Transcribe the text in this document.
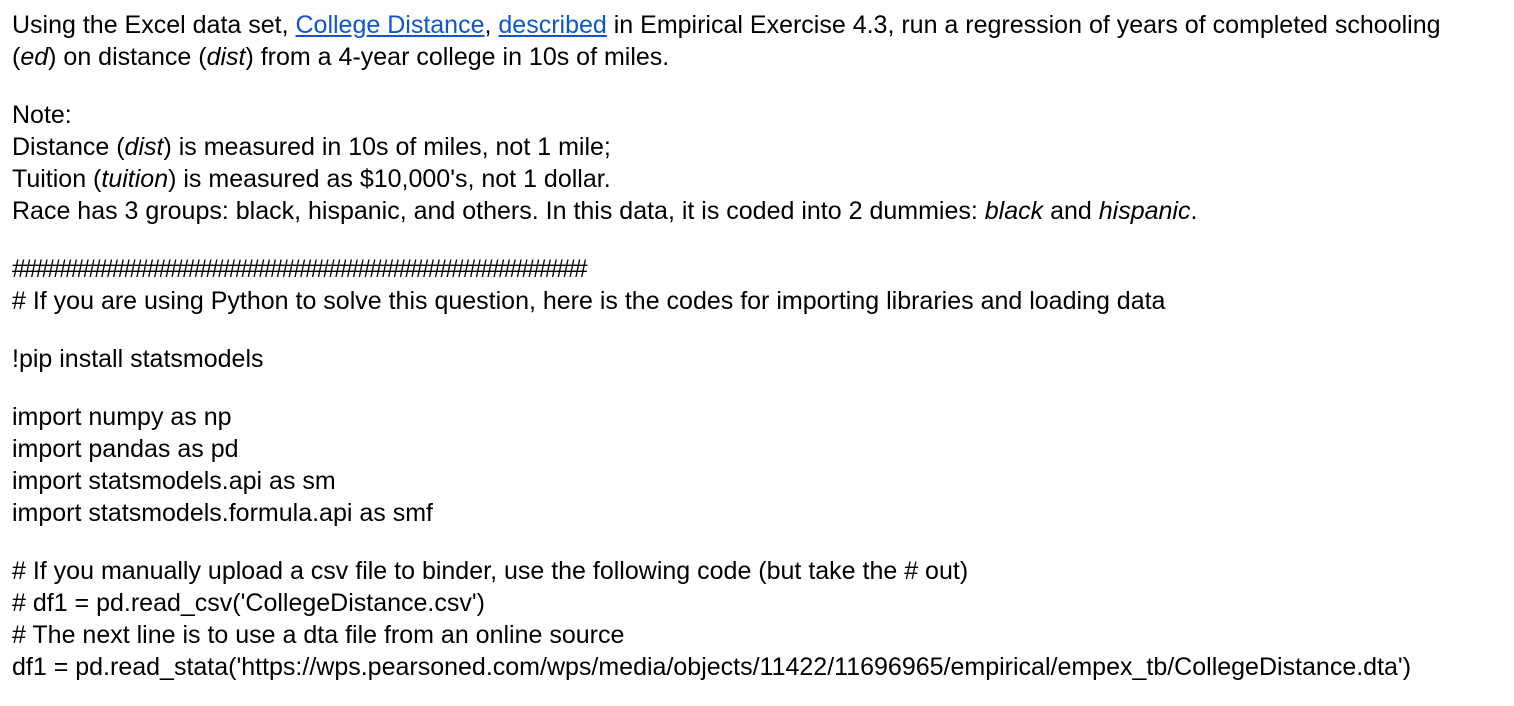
Using the Excel data set, College Distance, described in Empirical Exercise 4.3, run a regression of years of completed schooling
(ed) on distance (dist) from a 4-year college in 10s of miles.
Note:
Distance (dist) is measured in 10s of miles, not 1 mile;
Tuition (tuition) is measured as $10,000's, not 1 dollar.
Race has 3 groups: black, hispanic, and others. In this data, it is coded into 2 dummies: black and hispanic.
#################################################
# If you are using Python to solve this question, here is the codes for importing libraries and loading data
!pip install statsmodels
import numpy as np
import pandas as pd
import statsmodels.api as sm
import statsmodels.formula.api as smf
# If you manually upload a csv file to binder, use the following code (but take the # out)
# df1 = pd.read_csv('CollegeDistance.csv')
# The next line is to use a dta file from an online source
df1 = pd.read_stata('https://wps.pearsoned.com/wps/media/objects/11422/11696965/empirical/empex_tb/CollegeDistance.dta')
